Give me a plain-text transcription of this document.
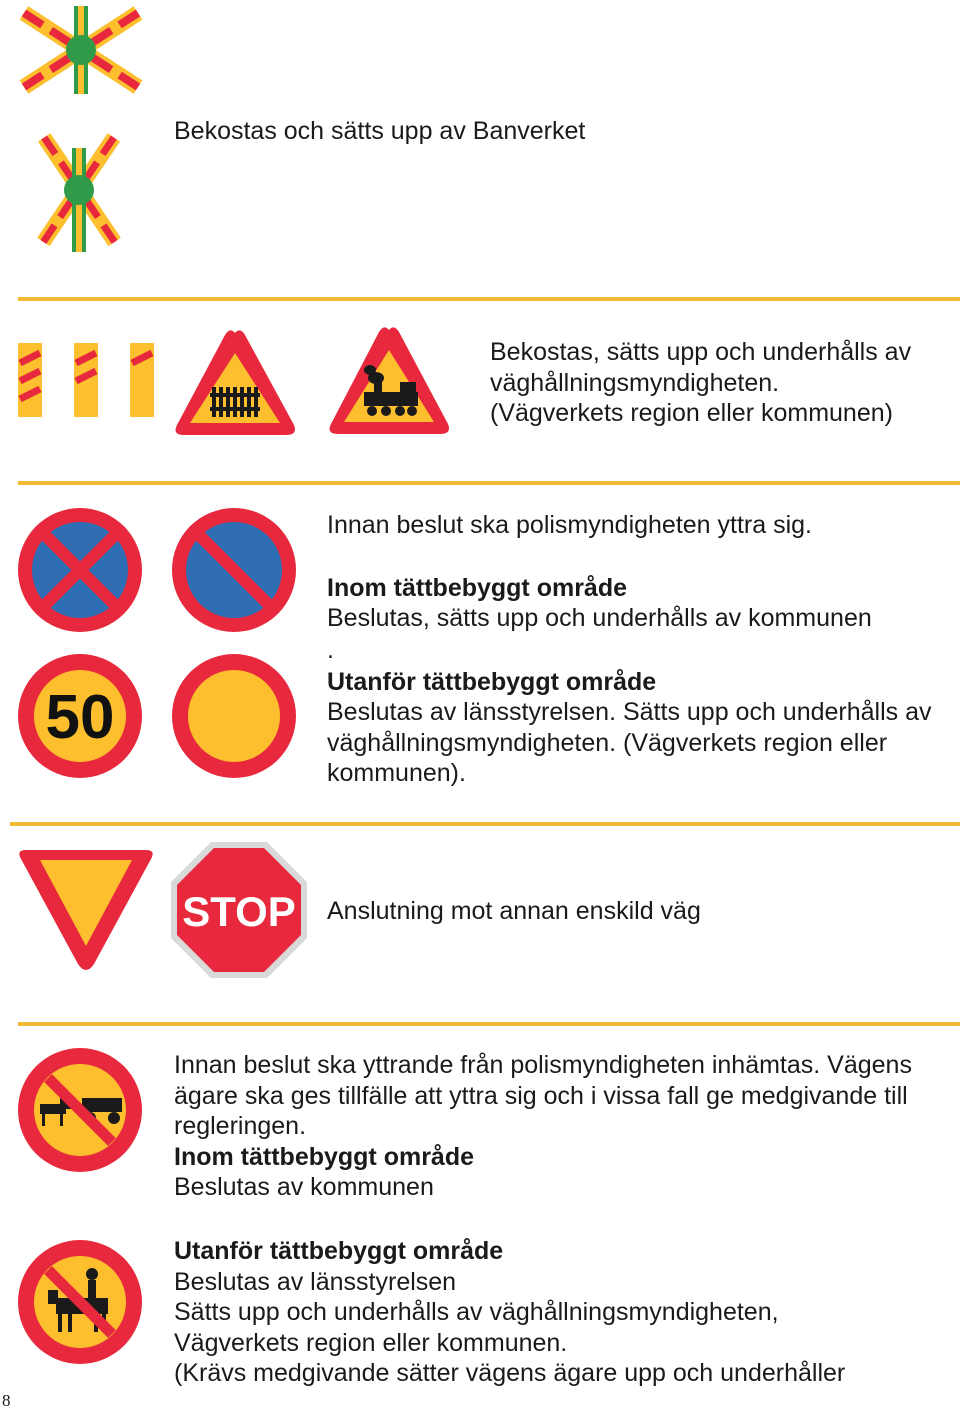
Bekostas och sätts upp av Banverket
Bekostas, sätts upp och underhålls av
väghållningsmyndigheten.
(Vägverkets region eller kommunen)
50
Innan beslut ska polismyndigheten yttra sig.
Inom tättbebyggt område
Beslutas, sätts upp och underhålls av kommunen
.
Utanför tättbebyggt område
Beslutas av länsstyrelsen. Sätts upp och underhålls av
väghållningsmyndigheten. (Vägverkets region eller
kommunen).
STOP Anslutning mot annan enskild väg
Innan beslut ska yttrande från polismyndigheten inhämtas. Vägens
ägare ska ges tillfälle att yttra sig och i vissa fall ge medgivande till
regleringen.
Inom tättbebyggt område
Beslutas av kommunen
Utanför tättbebyggt område
Beslutas av länsstyrelsen
Sätts upp och underhålls av väghållningsmyndigheten,
Vägverkets region eller kommunen.
(Krävs medgivande sätter vägens ägare upp och underhåller
8
